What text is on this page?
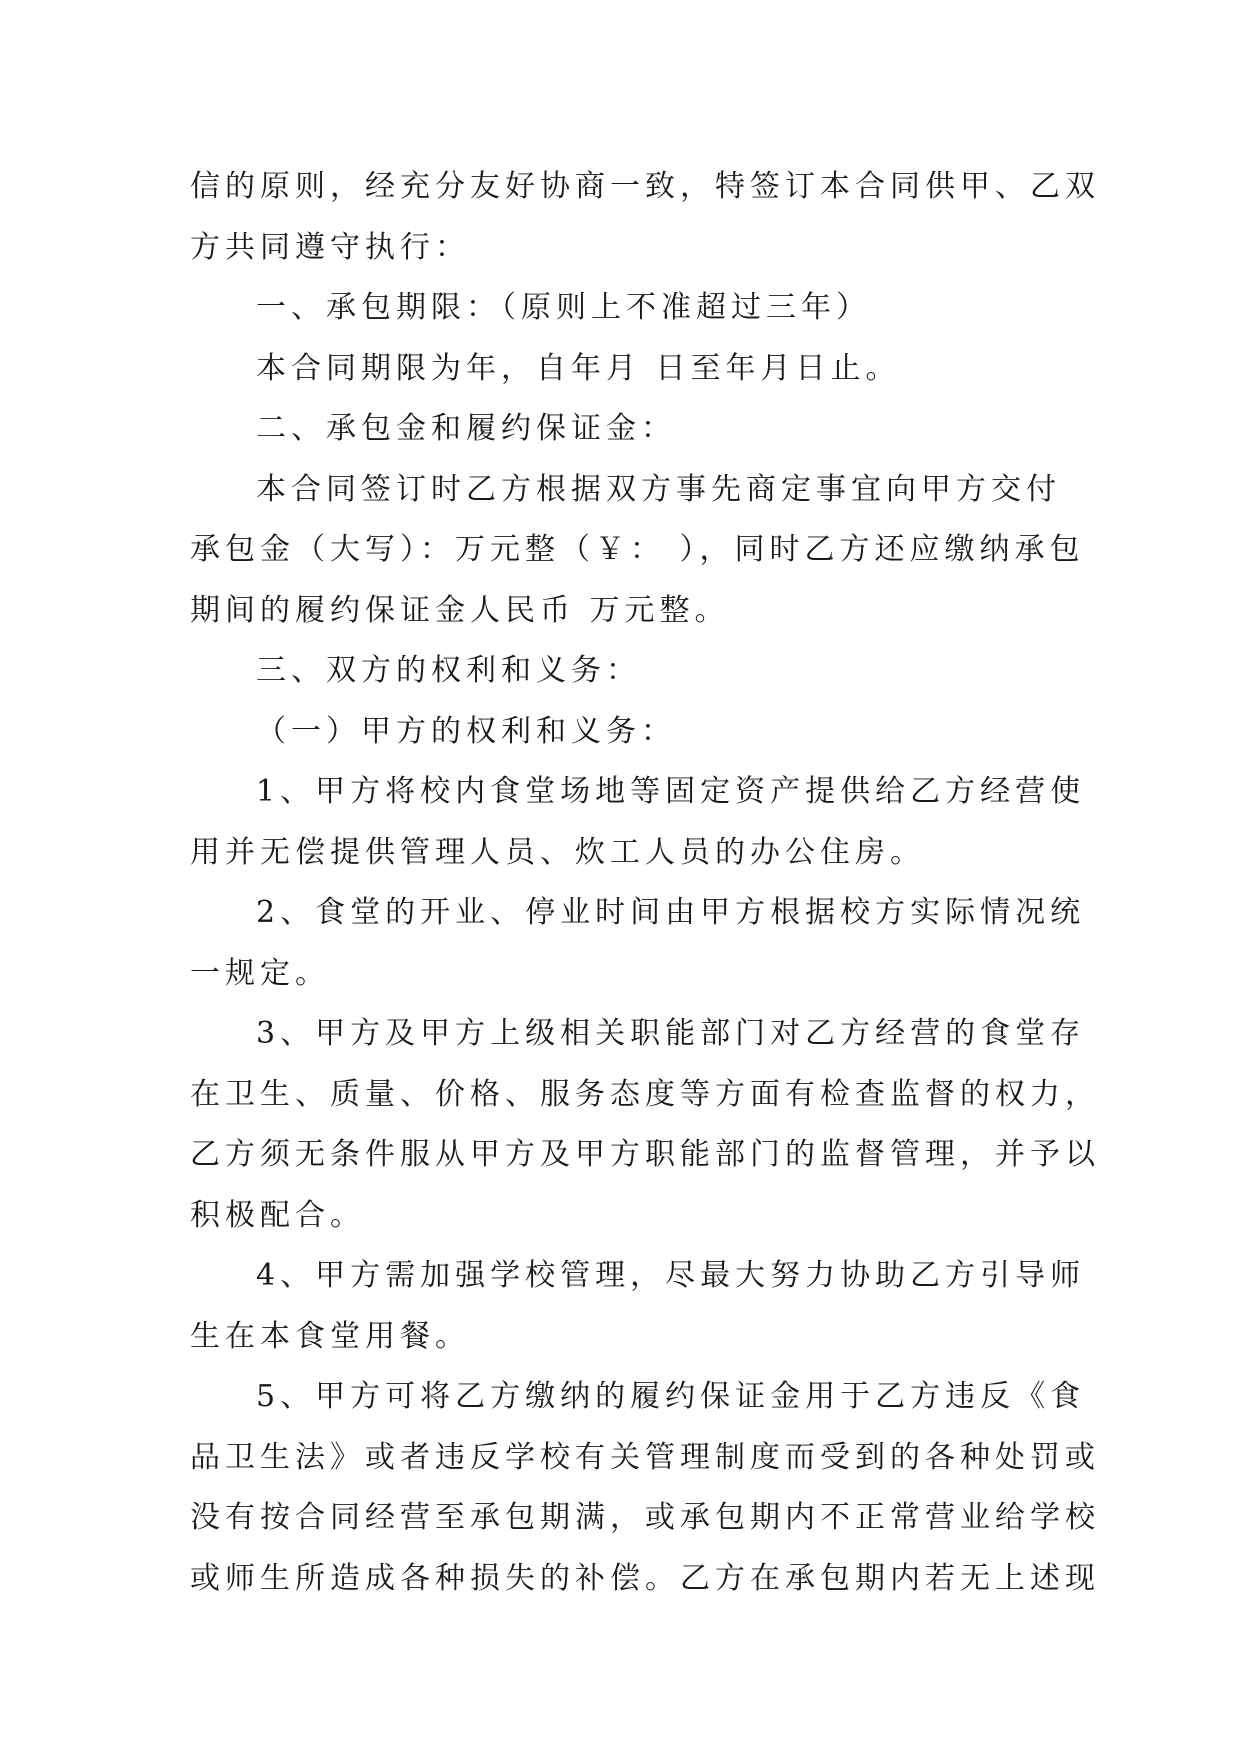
信的原则，经充分友好协商一致，特签订本合同供甲、乙双
方共同遵守执行：
一、承包期限：（原则上不准超过三年）
本合同期限为年，自年月 日至年月日止。
二、承包金和履约保证金：
本合同签订时乙方根据双方事先商定事宜向甲方交付
承包金（大写）：万元整（￥： ），同时乙方还应缴纳承包
期间的履约保证金人民币 万元整。
三、双方的权利和义务：
（一）甲方的权利和义务：
1、甲方将校内食堂场地等固定资产提供给乙方经营使
用并无偿提供管理人员、炊工人员的办公住房。
2、食堂的开业、停业时间由甲方根据校方实际情况统
一规定。
3、甲方及甲方上级相关职能部门对乙方经营的食堂存
在卫生、质量、价格、服务态度等方面有检查监督的权力，
乙方须无条件服从甲方及甲方职能部门的监督管理，并予以
积极配合。
4、甲方需加强学校管理，尽最大努力协助乙方引导师
生在本食堂用餐。
5、甲方可将乙方缴纳的履约保证金用于乙方违反《食
品卫生法》或者违反学校有关管理制度而受到的各种处罚或
没有按合同经营至承包期满，或承包期内不正常营业给学校
或师生所造成各种损失的补偿。乙方在承包期内若无上述现
